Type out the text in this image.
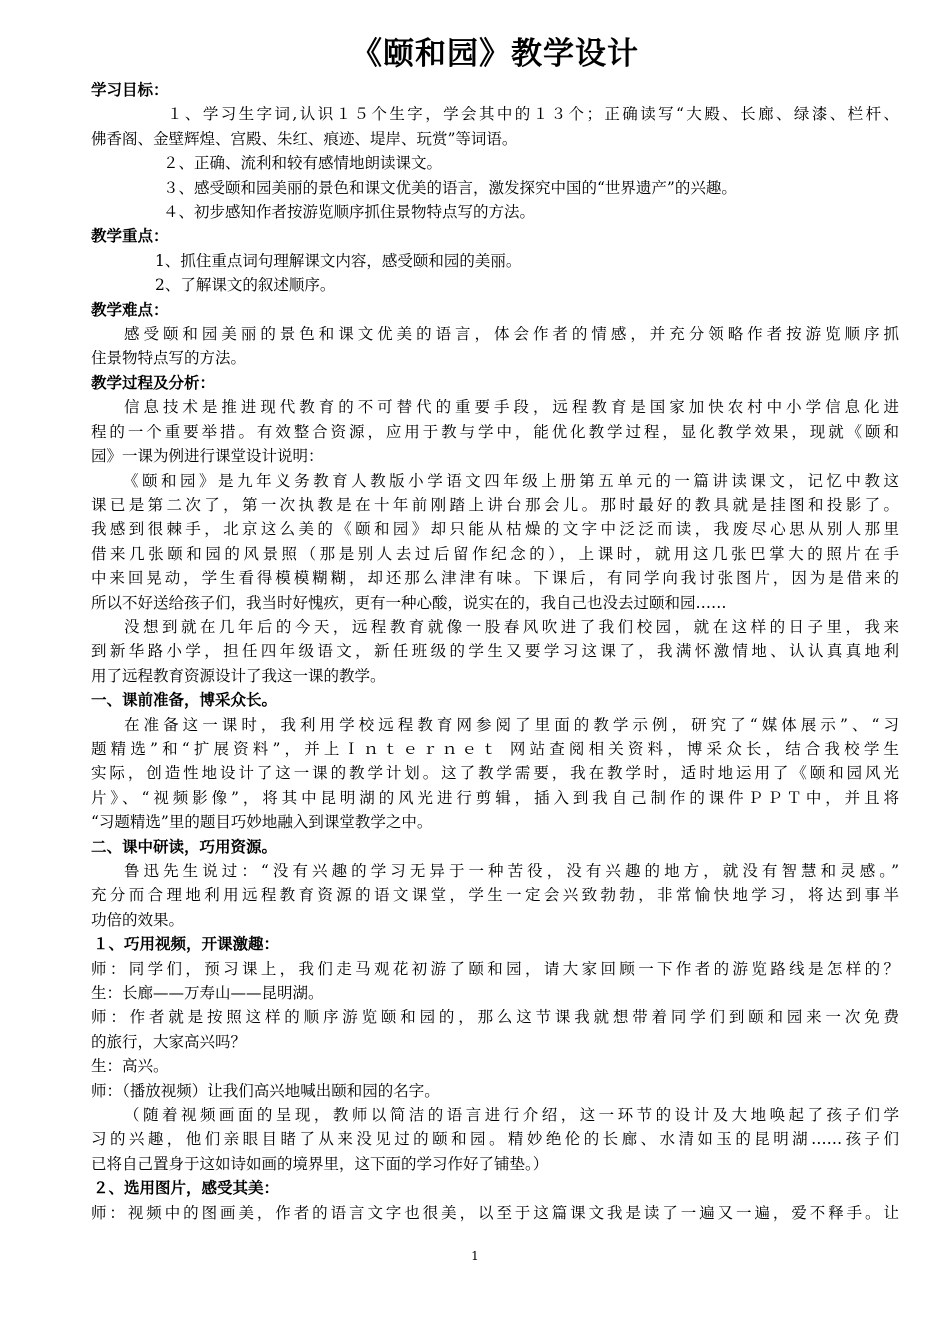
《颐和园》教学设计
学习目标：
１、学习生字词,认识１５个生字，学会其中的１３个；正确读写“大殿、长廊、绿漆、栏杆、
佛香阁、金壁辉煌、宫殿、朱红、痕迹、堤岸、玩赏”等词语。
２、正确、流利和较有感情地朗读课文。
３、感受颐和园美丽的景色和课文优美的语言，激发探究中国的“世界遗产”的兴趣。
４、初步感知作者按游览顺序抓住景物特点写的方法。
教学重点：
1、抓住重点词句理解课文内容，感受颐和园的美丽。
2、了解课文的叙述顺序。
教学难点：
感受颐和园美丽的景色和课文优美的语言，体会作者的情感，并充分领略作者按游览顺序抓
住景物特点写的方法。
教学过程及分析：
信息技术是推进现代教育的不可替代的重要手段，远程教育是国家加快农村中小学信息化进
程的一个重要举措。有效整合资源，应用于教与学中，能优化教学过程，显化教学效果，现就《颐和
园》一课为例进行课堂设计说明：
《颐和园》是九年义务教育人教版小学语文四年级上册第五单元的一篇讲读课文，记忆中教这
课已是第二次了，第一次执教是在十年前刚踏上讲台那会儿。那时最好的教具就是挂图和投影了。
我感到很棘手，北京这么美的《颐和园》却只能从枯燥的文字中泛泛而读，我废尽心思从别人那里
借来几张颐和园的风景照（那是别人去过后留作纪念的），上课时，就用这几张巴掌大的照片在手
中来回晃动，学生看得模模糊糊，却还那么津津有味。下课后，有同学向我讨张图片，因为是借来的
所以不好送给孩子们，我当时好愧疚，更有一种心酸，说实在的，我自己也没去过颐和园……
没想到就在几年后的今天，远程教育就像一股春风吹进了我们校园，就在这样的日子里，我来
到新华路小学，担任四年级语文，新任班级的学生又要学习这课了，我满怀激情地、认认真真地利
用了远程教育资源设计了我这一课的教学。
一、课前准备，博采众长。
在准备这一课时，我利用学校远程教育网参阅了里面的教学示例，研究了“媒体展示”、“习
题精选”和“扩展资料”，并上Ｉｎｔｅｒｎｅｔ 网站查阅相关资料，博采众长，结合我校学生
实际，创造性地设计了这一课的教学计划。这了教学需要，我在教学时，适时地运用了《颐和园风光
片》、“视频影像”，将其中昆明湖的风光进行剪辑，插入到我自己制作的课件ＰＰＴ中，并且将
“习题精选”里的题目巧妙地融入到课堂教学之中。
二、课中研读，巧用资源。
鲁迅先生说过：“没有兴趣的学习无异于一种苦役，没有兴趣的地方，就没有智慧和灵感。”
充分而合理地利用远程教育资源的语文课堂，学生一定会兴致勃勃，非常愉快地学习，将达到事半
功倍的效果。
１、巧用视频，开课激趣：
师：同学们，预习课上，我们走马观花初游了颐和园，请大家回顾一下作者的游览路线是怎样的？
生：长廊——万寿山——昆明湖。
师：作者就是按照这样的顺序游览颐和园的，那么这节课我就想带着同学们到颐和园来一次免费
的旅行，大家高兴吗？
生：高兴。
师：（播放视频）让我们高兴地喊出颐和园的名字。
（随着视频画面的呈现，教师以简洁的语言进行介绍，这一环节的设计及大地唤起了孩子们学
习的兴趣，他们亲眼目睹了从来没见过的颐和园。精妙绝伦的长廊、水清如玉的昆明湖……孩子们
已将自己置身于这如诗如画的境界里，这下面的学习作好了铺垫。）
２、选用图片，感受其美：
师：视频中的图画美，作者的语言文字也很美，以至于这篇课文我是读了一遍又一遍，爱不释手。让
1
